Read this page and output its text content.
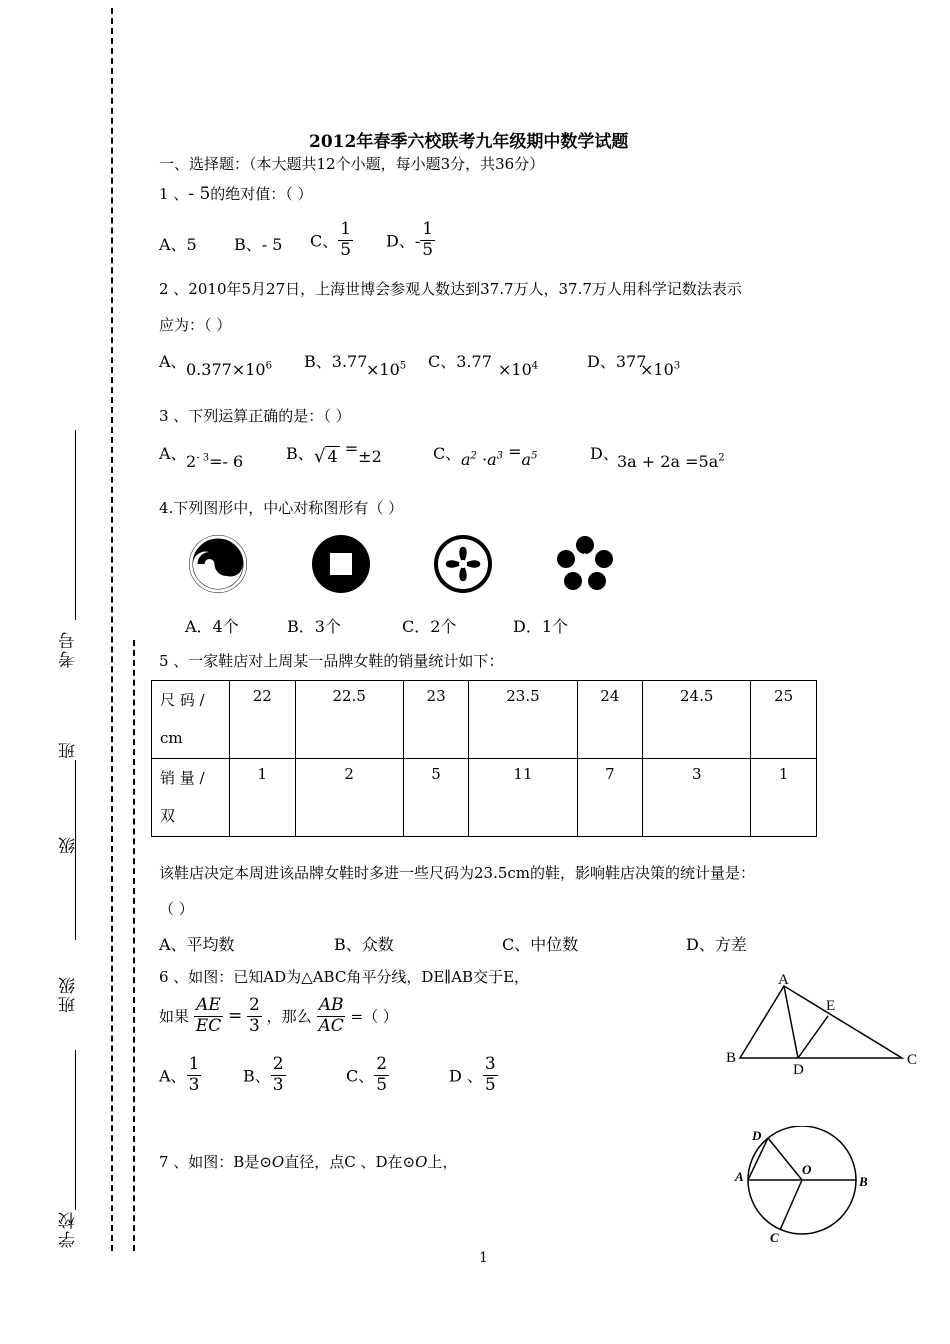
考号
班
级
班级
学校
2012年春季六校联考九年级期中数学试题
一、选择题：（本大题共12个小题，每小题3分，共36分）
1 、- 5的绝对值：（ ）
A、5 B、- 5 C、 $\frac{1}{5}$ D、- $\frac{1}{5}$
2 、2010年5月27日，上海世博会参观人数达到37.7万人，37.7万人用科学记数法表示
应为：（ ）
A、 $0.377\times 10^6$ B、3.77
$\times 10^5$ C、$3.77 \times 10^4$	D、377
$\times 10^3$
3 、下列运算正确的是：（ ）
A、 $2^{- 3}=-$ 6	B、 √ 4 =±2	C、 $a^2 \cdot a^3 =a^5$	D、
$3a + 2a =5a^2$
4.下列图形中，中心对称图形有（ ）
A．4个	B．3个	C．2个	D．1个
5 、一家鞋店对上周某一品牌女鞋的销量统计如下：
尺 码 /
cm	22	22.5	23	23.5	24	24.5	25
销 量 /
双	1	2	5	11	7	3	1
该鞋店决定本周进该品牌女鞋时多进一些尺码为23.5cm的鞋，影响鞋店决策的统计量是：
（ ）
A、平均数	B、众数	C、中位数	D、方差
6 、如图：已知AD为△ABC角平分线，DE∥AB交于E，
如果 $\frac{AE}{EC} = \frac{2}{3}$ ，那么 $\frac{AB}{AC}$ =（ ）
A、 $\frac{1}{3}$	B、 $\frac{2}{3}$	C、 $\frac{2}{5}$	D 、 $\frac{3}{5}$
A
E
B
D
C
7 、如图：B是⊙O直径，点C 、D在⊙O上，
D
A	O
B
C
1
